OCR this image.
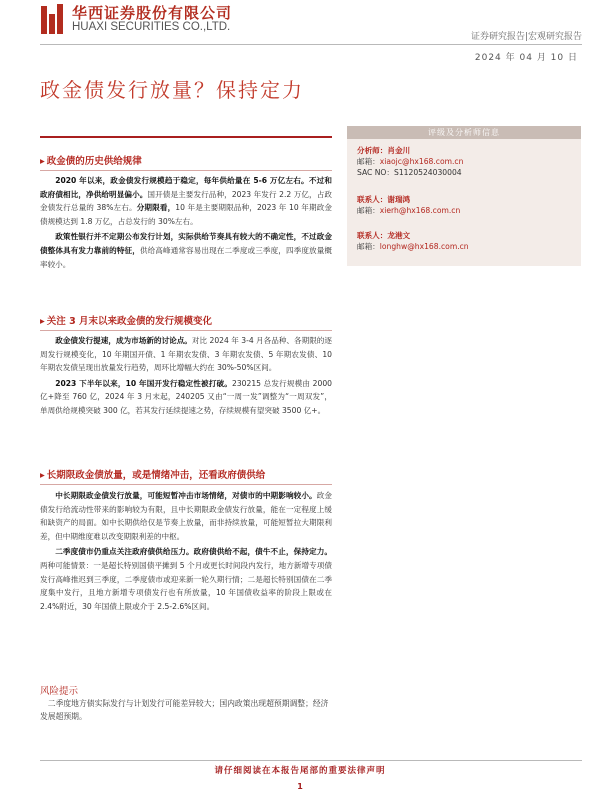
华西证券股份有限公司
HUAXI SECURITIES CO.,LTD.
证券研究报告|宏观研究报告
2024 年 04 月 10 日
政金债发行放量？保持定力
▸ 政金债的历史供给规律

2020 年以来，政金债发行规模趋于稳定，每年供给量在 5-6 万亿左右。不过和政府债相比，净供给明显偏小。国开债是主要发行品种，2023 年发行 2.2 万亿，占政金债发行总量的 38%左右。分期限看，10 年是主要期限品种，2023 年 10 年期政金债规模达到 1.8 万亿，占总发行的 30%左右。

政策性银行并不定期公布发行计划，实际供给节奏具有较大的不确定性，不过政金债整体具有发力靠前的特征，供给高峰通常容易出现在二季度或三季度，四季度放量概率较小。

▸ 关注 3 月末以来政金债的发行规模变化

政金债发行提速，成为市场新的讨论点。对比 2024 年 3-4 月各品种、各期限的逐周发行规模变化，10 年期国开债、1 年期农发债、3 年期农发债、5 年期农发债、10 年期农发债呈现出放量发行趋势，周环比增幅大约在 30%-50%区间。

2023 下半年以来，10 年国开发行稳定性被打破。230215 总发行规模由 2000 亿+降至 760 亿，2024 年 3 月末起，240205 又由“一周一发”调整为“一周双发”，单周供给规模突破 300 亿，若其发行延续提速之势，存续规模有望突破 3500 亿+。

▸ 长期限政金债放量，或是情绪冲击，还看政府债供给

中长期限政金债发行放量，可能短暂冲击市场情绪，对债市的中期影响较小。政金债发行给流动性带来的影响较为有限，且中长期限政金债发行放量，能在一定程度上缓和缺资产的局面。如中长期供给仅是节奏上放量，而非持续放量，可能短暂拉大期限利差，但中期维度难以改变期限利差的中枢。

二季度债市仍重点关注政府债供给压力。政府债供给不起，债牛不止，保持定力。两种可能情景：一是超长特别国债平摊到 5 个月或更长时间段内发行，地方新增专项债发行高峰推迟到三季度，二季度债市或迎来新一轮久期行情；二是超长特别国债在二季度集中发行，且地方新增专项债发行也有所放量，10 年国债收益率的阶段上限或在 2.4%附近，30 年国债上限或介于 2.5-2.6%区间。

风险提示
二季度地方债实际发行与计划发行可能差异较大；国内政策出现超预期调整；经济发展超预期。
评级及分析师信息
分析师：肖金川
邮箱：xiaojc@hx168.com.cn
SAC NO：S1120524030004
联系人：谢瑞鸿
邮箱：xierh@hx168.com.cn
联系人：龙港文
邮箱：longhw@hx168.com.cn
请仔细阅读在本报告尾部的重要法律声明
1
